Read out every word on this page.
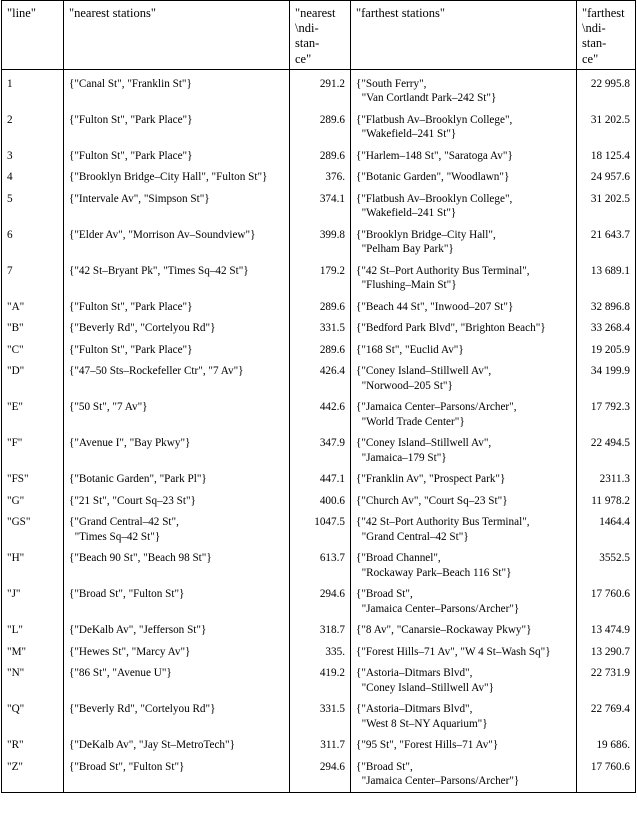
"line"	"nearest stations"	"nearest
\ndi-
stan-
ce"	"farthest stations"	"farthest
\ndi-
stan-
ce"
1	{"Canal St", "Franklin St"}	291.2	{"South Ferry",
"Van Cortlandt Park–242 St"}	22 995.8
2	{"Fulton St", "Park Place"}	289.6	{"Flatbush Av–Brooklyn College",
"Wakefield–241 St"}	31 202.5
3	{"Fulton St", "Park Place"}	289.6	{"Harlem–148 St", "Saratoga Av"}	18 125.4
4	{"Brooklyn Bridge–City Hall", "Fulton St"}	376.	{"Botanic Garden", "Woodlawn"}	24 957.6
5	{"Intervale Av", "Simpson St"}	374.1	{"Flatbush Av–Brooklyn College",
"Wakefield–241 St"}	31 202.5
6	{"Elder Av", "Morrison Av–Soundview"}	399.8	{"Brooklyn Bridge–City Hall",
"Pelham Bay Park"}	21 643.7
7	{"42 St–Bryant Pk", "Times Sq–42 St"}	179.2	{"42 St–Port Authority Bus Terminal",
"Flushing–Main St"}	13 689.1
"A"	{"Fulton St", "Park Place"}	289.6	{"Beach 44 St", "Inwood–207 St"}	32 896.8
"B"	{"Beverly Rd", "Cortelyou Rd"}	331.5	{"Bedford Park Blvd", "Brighton Beach"}	33 268.4
"C"	{"Fulton St", "Park Place"}	289.6	{"168 St", "Euclid Av"}	19 205.9
"D"	{"47–50 Sts–Rockefeller Ctr", "7 Av"}	426.4	{"Coney Island–Stillwell Av",
"Norwood–205 St"}	34 199.9
"E"	{"50 St", "7 Av"}	442.6	{"Jamaica Center–Parsons/Archer",
"World Trade Center"}	17 792.3
"F"	{"Avenue I", "Bay Pkwy"}	347.9	{"Coney Island–Stillwell Av",
"Jamaica–179 St"}	22 494.5
"FS"	{"Botanic Garden", "Park Pl"}	447.1	{"Franklin Av", "Prospect Park"}	2311.3
"G"	{"21 St", "Court Sq–23 St"}	400.6	{"Church Av", "Court Sq–23 St"}	11 978.2
"GS"	{"Grand Central–42 St",
"Times Sq–42 St"}	1047.5	{"42 St–Port Authority Bus Terminal",
"Grand Central–42 St"}	1464.4
"H"	{"Beach 90 St", "Beach 98 St"}	613.7	{"Broad Channel",
"Rockaway Park–Beach 116 St"}	3552.5
"J"	{"Broad St", "Fulton St"}	294.6	{"Broad St",
"Jamaica Center–Parsons/Archer"}	17 760.6
"L"	{"DeKalb Av", "Jefferson St"}	318.7	{"8 Av", "Canarsie–Rockaway Pkwy"}	13 474.9
"M"	{"Hewes St", "Marcy Av"}	335.	{"Forest Hills–71 Av", "W 4 St–Wash Sq"}	13 290.7
"N"	{"86 St", "Avenue U"}	419.2	{"Astoria–Ditmars Blvd",
"Coney Island–Stillwell Av"}	22 731.9
"Q"	{"Beverly Rd", "Cortelyou Rd"}	331.5	{"Astoria–Ditmars Blvd",
"West 8 St–NY Aquarium"}	22 769.4
"R"	{"DeKalb Av", "Jay St–MetroTech"}	311.7	{"95 St", "Forest Hills–71 Av"}	19 686.
"Z"	{"Broad St", "Fulton St"}	294.6	{"Broad St",
"Jamaica Center–Parsons/Archer"}	17 760.6
